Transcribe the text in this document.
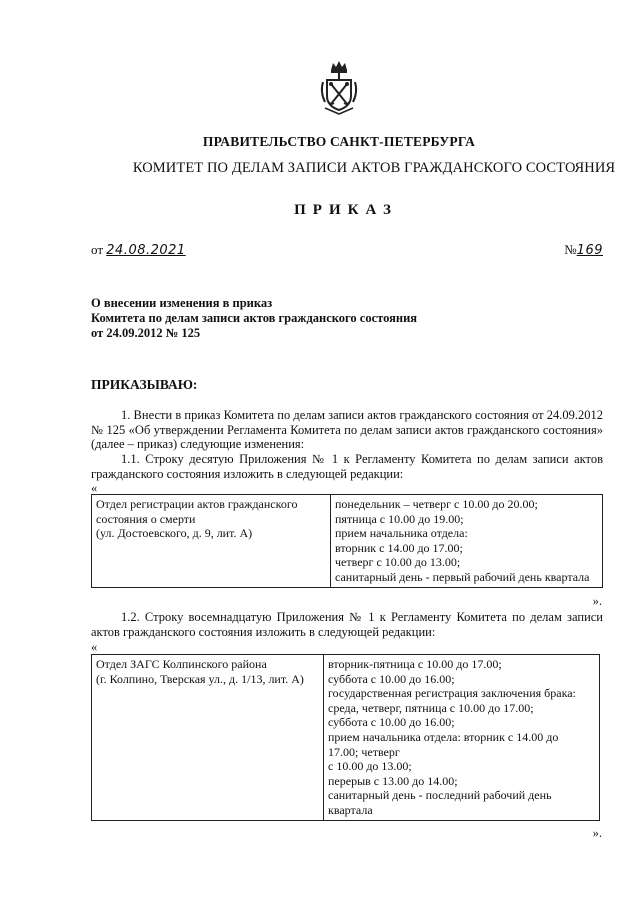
ПРАВИТЕЛЬСТВО САНКТ-ПЕТЕРБУРГА
КОМИТЕТ ПО ДЕЛАМ ЗАПИСИ АКТОВ ГРАЖДАНСКОГО СОСТОЯНИЯ
ПРИКАЗ
от 24.08.2021	№169
О внесении изменения в приказ
Комитета по делам записи актов гражданского состояния
от 24.09.2012 № 125
ПРИКАЗЫВАЮ:
1. Внести в приказ Комитета по делам записи актов гражданского состояния от 24.09.2012 № 125 «Об утверждении Регламента Комитета по делам записи актов гражданского состояния» (далее – приказ) следующие изменения:
1.1. Строку десятую Приложения № 1 к Регламенту Комитета по делам записи актов гражданского состояния изложить в следующей редакции:
«
Отдел регистрации актов гражданского
состояния о смерти
(ул. Достоевского, д. 9, лит. А)

понедельник – четверг с 10.00 до 20.00;
пятница с 10.00 до 19.00;
прием начальника отдела:
вторник с 14.00 до 17.00;
четверг с 10.00 до 13.00;
санитарный день - первый рабочий день квартала
».
1.2. Строку восемнадцатую Приложения № 1 к Регламенту Комитета по делам записи актов гражданского состояния изложить в следующей редакции:
«
Отдел ЗАГС Колпинского района
(г. Колпино, Тверская ул., д. 1/13, лит. А)

вторник-пятница с 10.00 до 17.00;
суббота с 10.00 до 16.00;
государственная регистрация заключения брака:
среда, четверг, пятница с 10.00 до 17.00;
суббота с 10.00 до 16.00;
прием начальника отдела: вторник с 14.00 до
17.00; четверг
с 10.00 до 13.00;
перерыв с 13.00 до 14.00;
санитарный день - последний рабочий день
квартала
».
